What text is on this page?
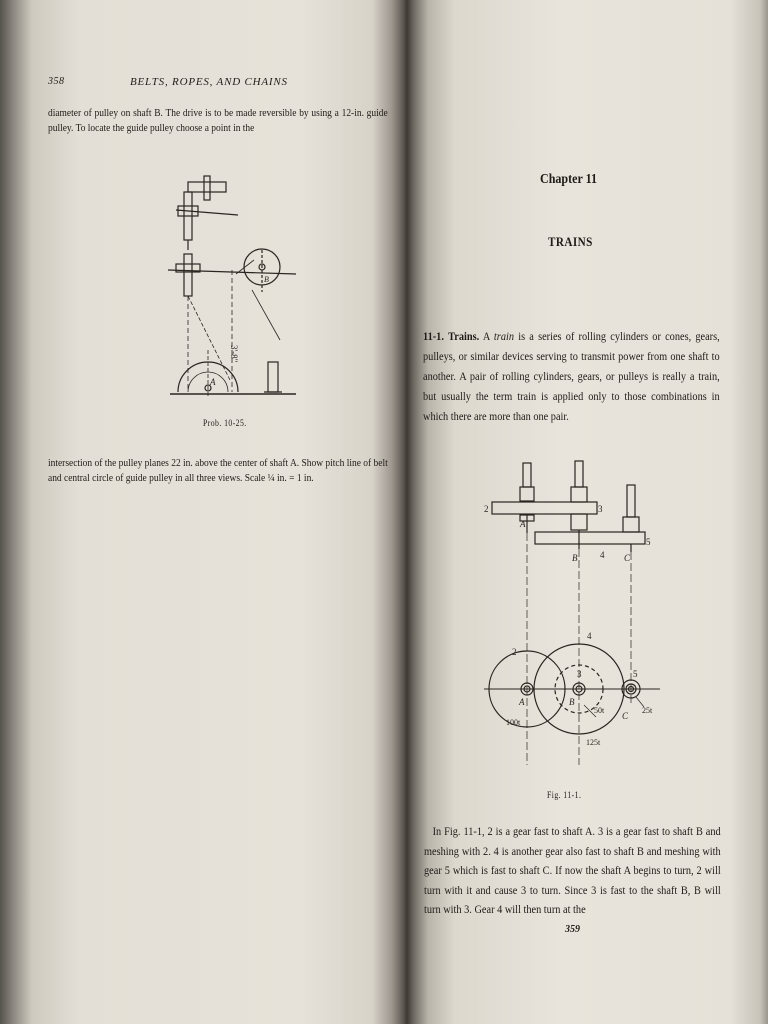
358	BELTS, ROPES, AND CHAINS

diameter of pulley on shaft B. The drive is to be made reversible by using a 12-in. guide pulley. To locate the guide pulley choose a point in the

3'-8"
A
B
Prob. 10-25.

intersection of the pulley planes 22 in. above the center of shaft A. Show pitch line of belt and central circle of guide pulley in all three views. Scale ¼ in. = 1 in.

Chapter 11
TRAINS

11-1. Trains. A train is a series of rolling cylinders or cones, gears, pulleys, or similar devices serving to transmit power from one shaft to another. A pair of rolling cylinders, gears, or pulleys is really a train, but usually the term train is applied only to those combinations in which there are more than one pair.

2	3
5
4
A
B	C
2
4
3	5
A	B
C
100t
125t
50t	25t
Fig. 11-1.

In Fig. 11-1, 2 is a gear fast to shaft A. 3 is a gear fast to shaft B and meshing with 2. 4 is another gear also fast to shaft B and meshing with gear 5 which is fast to shaft C. If now the shaft A begins to turn, 2 will turn with it and cause 3 to turn. Since 3 is fast to the shaft B, B will turn with 3. Gear 4 will then turn at the

359
